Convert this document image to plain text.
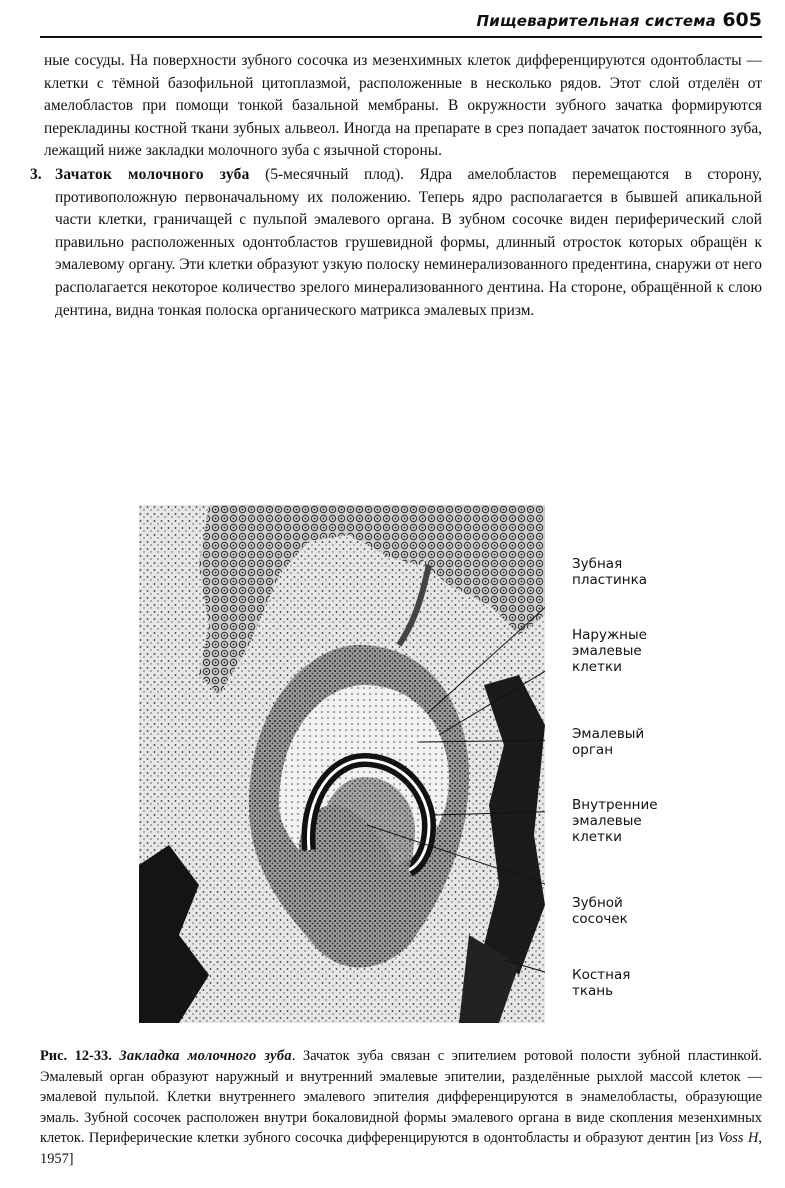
Пищеварительная система 605

ные сосуды. На поверхности зубного сосочка из мезенхимных клеток дифференцируются одонтобласты — клетки с тёмной базофильной цитоплазмой, расположенные в несколько рядов. Этот слой отделён от амелобластов при помощи тонкой базальной мембраны. В окружности зубного зачатка формируются перекладины костной ткани зубных альвеол. Иногда на препарате в срез попадает зачаток постоянного зуба, лежащий ниже закладки молочного зуба с язычной стороны.

3. Зачаток молочного зуба (5-месячный плод). Ядра амелобластов перемещаются в сторону, противоположную первоначальному их положению. Теперь ядро располагается в бывшей апикальной части клетки, граничащей с пульпой эмалевого органа. В зубном сосочке виден периферический слой правильно расположенных одонтобластов грушевидной формы, длинный отросток которых обращён к эмалевому органу. Эти клетки образуют узкую полоску неминерализованного предентина, снаружи от него располагается некоторое количество зрелого минерализованного дентина. На стороне, обращённой к слою дентина, видна тонкая полоска органического матрикса эмалевых призм.

Зубная
пластинка
Наружные
эмалевые
клетки
Эмалевый
орган
Внутренние
эмалевые
клетки
Зубной
сосочек
Костная
ткань
Рис. 12-33. Закладка молочного зуба. Зачаток зуба связан с эпителием ротовой полости зубной пластинкой. Эмалевый орган образуют наружный и внутренний эмалевые эпителии, разделённые рыхлой массой клеток — эмалевой пульпой. Клетки внутреннего эмалевого эпителия дифференцируются в энамелобласты, образующие эмаль. Зубной сосочек расположен внутри бокаловидной формы эмалевого органа в виде скопления мезенхимных клеток. Периферические клетки зубного сосочка дифференцируются в одонтобласты и образуют дентин [из Voss H, 1957]
